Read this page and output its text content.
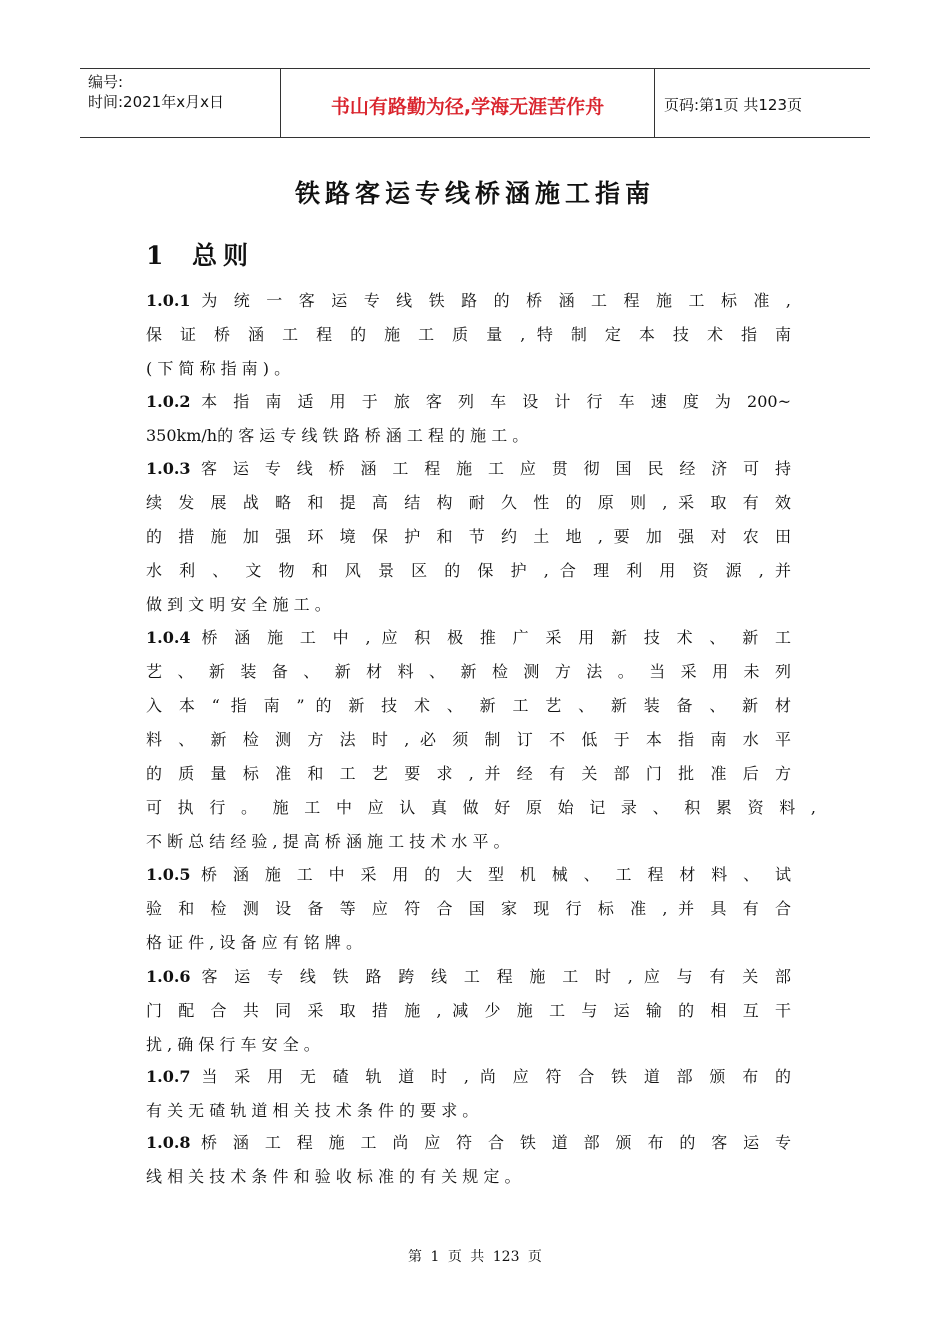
编号:
时间:2021年x月x日	书山有路勤为径,学海无涯苦作舟	页码:第1页 共123页
铁路客运专线桥涵施工指南
1 总则
1.0.1 为 统 一 客 运 专 线 铁 路 的 桥 涵 工 程 施 工 标 准 ,
保 证 桥 涵 工 程 的 施 工 质 量 , 特 制 定 本 技 术 指 南
( 下 简 称 指 南 ) 。
1.0.2 本 指 南 适 用 于 旅 客 列 车 设 计 行 车 速 度 为 200~
350km/h的 客 运 专 线 铁 路 桥 涵 工 程 的 施 工 。
1.0.3 客 运 专 线 桥 涵 工 程 施 工 应 贯 彻 国 民 经 济 可 持
续 发 展 战 略 和 提 高 结 构 耐 久 性 的 原 则 , 采 取 有 效
的 措 施 加 强 环 境 保 护 和 节 约 土 地 , 要 加 强 对 农 田
水 利 、 文 物 和 风 景 区 的 保 护 , 合 理 利 用 资 源 , 并
做 到 文 明 安 全 施 工 。
1.0.4 桥 涵 施 工 中 , 应 积 极 推 广 采 用 新 技 术 、 新 工
艺 、 新 装 备 、 新 材 料 、 新 检 测 方 法 。 当 采 用 未 列
入 本 “ 指 南 ” 的 新 技 术 、 新 工 艺 、 新 装 备 、 新 材
料 、 新 检 测 方 法 时 , 必 须 制 订 不 低 于 本 指 南 水 平
的 质 量 标 准 和 工 艺 要 求 , 并 经 有 关 部 门 批 准 后 方
可 执 行 。 施 工 中 应 认 真 做 好 原 始 记 录 、 积 累 资 料 ,
不 断 总 结 经 验 , 提 高 桥 涵 施 工 技 术 水 平 。
1.0.5 桥 涵 施 工 中 采 用 的 大 型 机 械 、 工 程 材 料 、 试
验 和 检 测 设 备 等 应 符 合 国 家 现 行 标 准 , 并 具 有 合
格 证 件 , 设 备 应 有 铭 牌 。
1.0.6 客 运 专 线 铁 路 跨 线 工 程 施 工 时 , 应 与 有 关 部
门 配 合 共 同 采 取 措 施 , 减 少 施 工 与 运 输 的 相 互 干
扰 , 确 保 行 车 安 全 。
1.0.7 当 采 用 无 碴 轨 道 时 , 尚 应 符 合 铁 道 部 颁 布 的
有 关 无 碴 轨 道 相 关 技 术 条 件 的 要 求 。
1.0.8 桥 涵 工 程 施 工 尚 应 符 合 铁 道 部 颁 布 的 客 运 专
线 相 关 技 术 条 件 和 验 收 标 准 的 有 关 规 定 。
第 1 页 共 123 页
